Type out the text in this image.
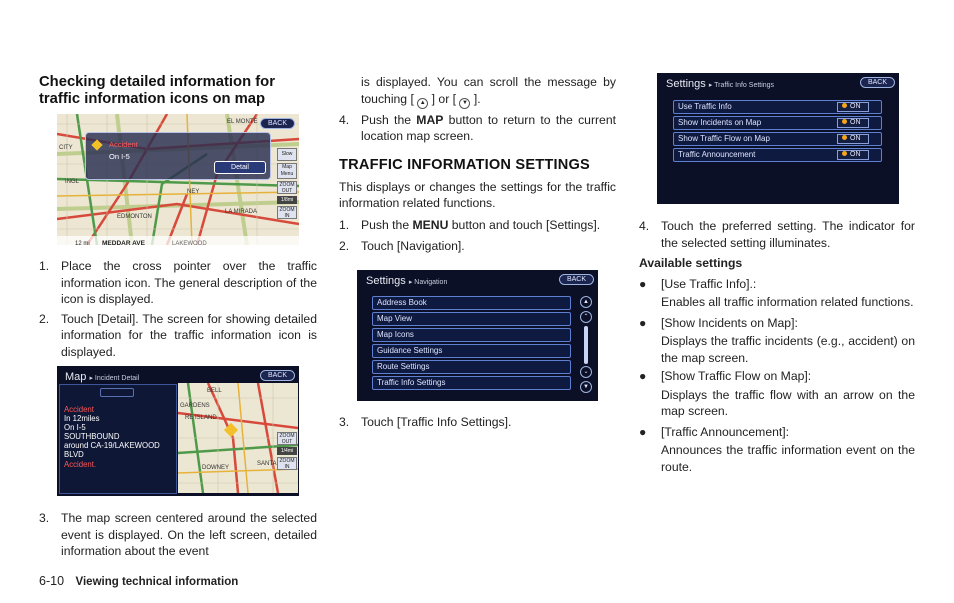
Checking detailed information for
traffic information icons on map
Accident
On I-5
Detail
BACK
Slow
Map Menu
ZOOM OUT
1/8mi
ZOOM IN
EL MONTE
CITY
INGL
NEY
LA MIRADA
EDMONTON
LAKEWOOD
12 mi MEDDAR AVE
1. Place the cross pointer over the traffic information icon. The general description of the icon is displayed.
2. Touch [Detail]. The screen for showing detailed information for the traffic information icon is displayed.
Map ▸ Incident Detail	BACK
Accident
In 12miles
On I-5
SOUTHBOUND
around CA-19/LAKEWOOD
BLVD
Accident.
BELL
GARDENS
RE ISLAND
DOWNEY
SANTA
ZOOM OUT
1/4mi
ZOOM IN
3. The map screen centered around the selected event is displayed. On the left screen, detailed information about the event
is displayed. You can scroll the message by touching [ ▲ ] or [ ▼ ].
4. Push the MAP button to return to the current location map screen.
TRAFFIC INFORMATION SETTINGS
This displays or changes the settings for the traffic information related functions.
1. Push the MENU button and touch [Settings].
2. Touch [Navigation].
Settings ▸ Navigation	BACK
Address Book
Map View
Map Icons
Guidance Settings
Route Settings
Traffic Info Settings
▲
⌃
⌄
▼
3. Touch [Traffic Info Settings].
Settings ▸ Traffic Info Settings	BACK
Use Traffic Info	ON
Show Incidents on Map	ON
Show Traffic Flow on Map	ON
Traffic Announcement	ON
4. Touch the preferred setting. The indicator for the selected setting illuminates.
Available settings
● [Use Traffic Info].:
Enables all traffic information related functions.
● [Show Incidents on Map]:
Displays the traffic incidents (e.g., accident) on the map screen.
● [Show Traffic Flow on Map]:
Displays the traffic flow with an arrow on the map screen.
● [Traffic Announcement]:
Announces the traffic information event on the route.
6-10 Viewing technical information
